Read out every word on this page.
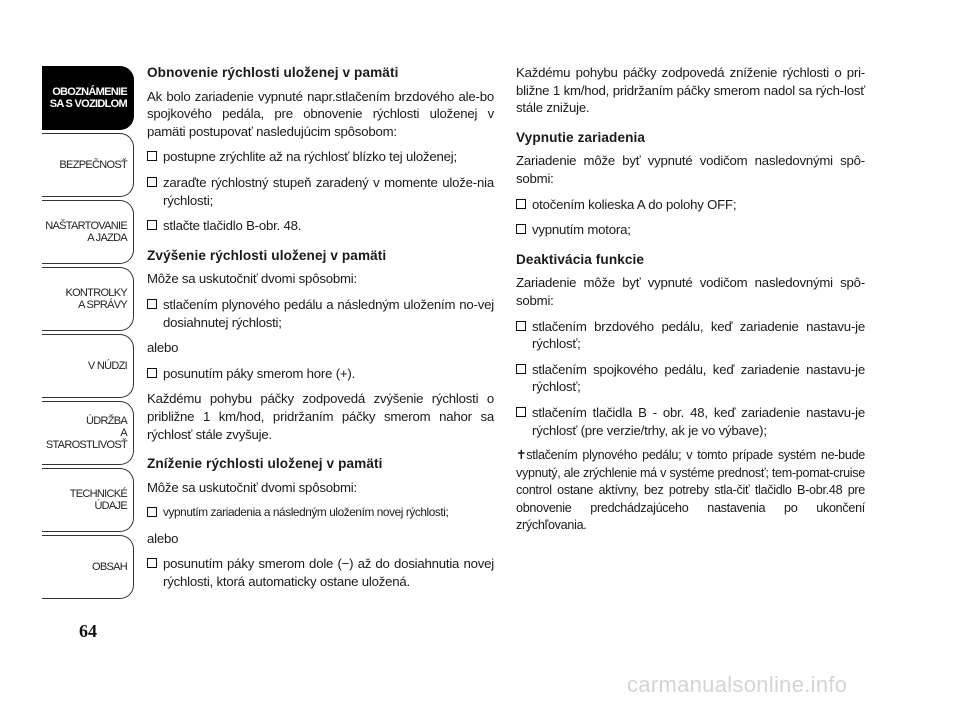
OBOZNÁMENIE
SA S VOZIDLOM
BEZPEČNOSŤ
NAŠTARTOVANIE
A JAZDA
KONTROLKY
A SPRÁVY
V NÚDZI
ÚDRŽBA
A STAROSTLIVOSŤ
TECHNICKÉ
ÚDAJE
OBSAH
64
Obnovenie rýchlosti uloženej v pamäti

Ak bolo zariadenie vypnuté napr.stlačením brzdového ale-bo spojkového pedála, pre obnovenie rýchlosti uloženej v pamäti postupovať nasledujúcim spôsobom:

postupne zrýchlite až na rýchlosť blízko tej uloženej;
zaraďte rýchlostný stupeň zaradený v momente ulože-nia rýchlosti;
stlačte tlačidlo B-obr. 48.
Zvýšenie rýchlosti uloženej v pamäti

Môže sa uskutočniť dvomi spôsobmi:

stlačením plynového pedálu a následným uložením no-vej dosiahnutej rýchlosti;

alebo

posunutím páky smerom hore (+).

Každému pohybu páčky zodpovedá zvýšenie rýchlosti o približne 1 km/hod, pridržaním páčky smerom nahor sa rýchlosť stále zvyšuje.

Zníženie rýchlosti uloženej v pamäti

Môže sa uskutočniť dvomi spôsobmi:

vypnutím zariadenia a následným uložením novej rýchlosti;

alebo

posunutím páky smerom dole (−) až do dosiahnutia novej rýchlosti, ktorá automaticky ostane uložená.

Každému pohybu páčky zodpovedá zníženie rýchlosti o pri-bližne 1 km/hod, pridržaním páčky smerom nadol sa rých-losť stále znižuje.

Vypnutie zariadenia

Zariadenie môže byť vypnuté vodičom nasledovnými spô-sobmi:

otočením kolieska A do polohy OFF;
vypnutím motora;
Deaktivácia funkcie

Zariadenie môže byť vypnuté vodičom nasledovnými spô-sobmi:

stlačením brzdového pedálu, keď zariadenie nastavu-je rýchlosť;
stlačením spojkového pedálu, keď zariadenie nastavu-je rýchlosť;
stlačením tlačidla B - obr. 48, keď zariadenie nastavu-je rýchlosť (pre verzie/trhy, ak je vo výbave);

✝stlačením plynového pedálu; v tomto prípade systém ne-bude vypnutý, ale zrýchlenie má v systéme prednosť; tem-pomat-cruise control ostane aktívny, bez potreby stla-čiť tlačidlo B-obr.48 pre obnovenie predchádzajúceho nastavenia po ukončení zrýchľovania.

carmanualsonline.info
